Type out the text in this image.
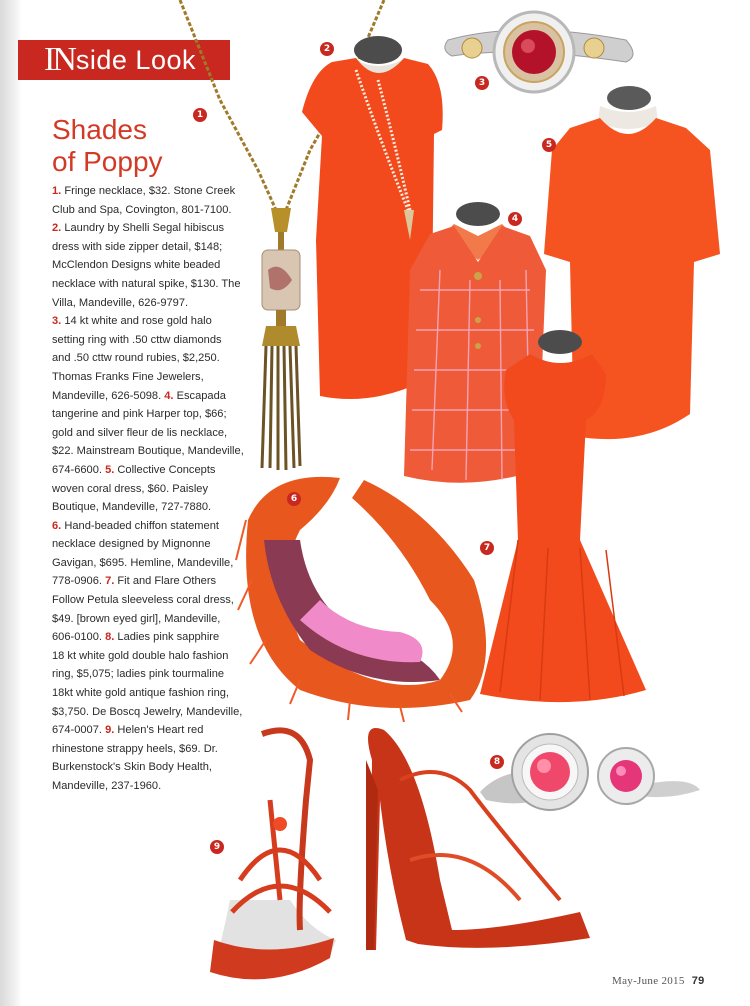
IN side Look
Shades
of Poppy

1. Fringe necklace, $32. Stone Creek

Club and Spa, Covington, 801-7100.

2. Laundry by Shelli Segal hibiscus

dress with side zipper detail, $148;

McClendon Designs white beaded

necklace with natural spike, $130. The

Villa, Mandeville, 626-9797.

3. 14 kt white and rose gold halo

setting ring with .50 cttw diamonds

and .50 cttw round rubies, $2,250.

Thomas Franks Fine Jewelers,

Mandeville, 626-5098. 4. Escapada

tangerine and pink Harper top, $66;

gold and silver fleur de lis necklace,

$22. Mainstream Boutique, Mandeville,

674-6600. 5. Collective Concepts

woven coral dress, $60. Paisley

Boutique, Mandeville, 727-7880.

6. Hand-beaded chiffon statement

necklace designed by Mignonne

Gavigan, $695. Hemline, Mandeville,

778-0906. 7. Fit and Flare Others

Follow Petula sleeveless coral dress,

$49. [brown eyed girl], Mandeville,

606-0100. 8. Ladies pink sapphire

18 kt white gold double halo fashion

ring, $5,075; ladies pink tourmaline

18kt white gold antique fashion ring,

$3,750. De Boscq Jewelry, Mandeville,

674-0007. 9. Helen's Heart red

rhinestone strappy heels, $69. Dr.

Burkenstock's Skin Body Health,

Mandeville, 237-1960.

1
2
3
4
5
6
7
8
9
May-June 2015 79
